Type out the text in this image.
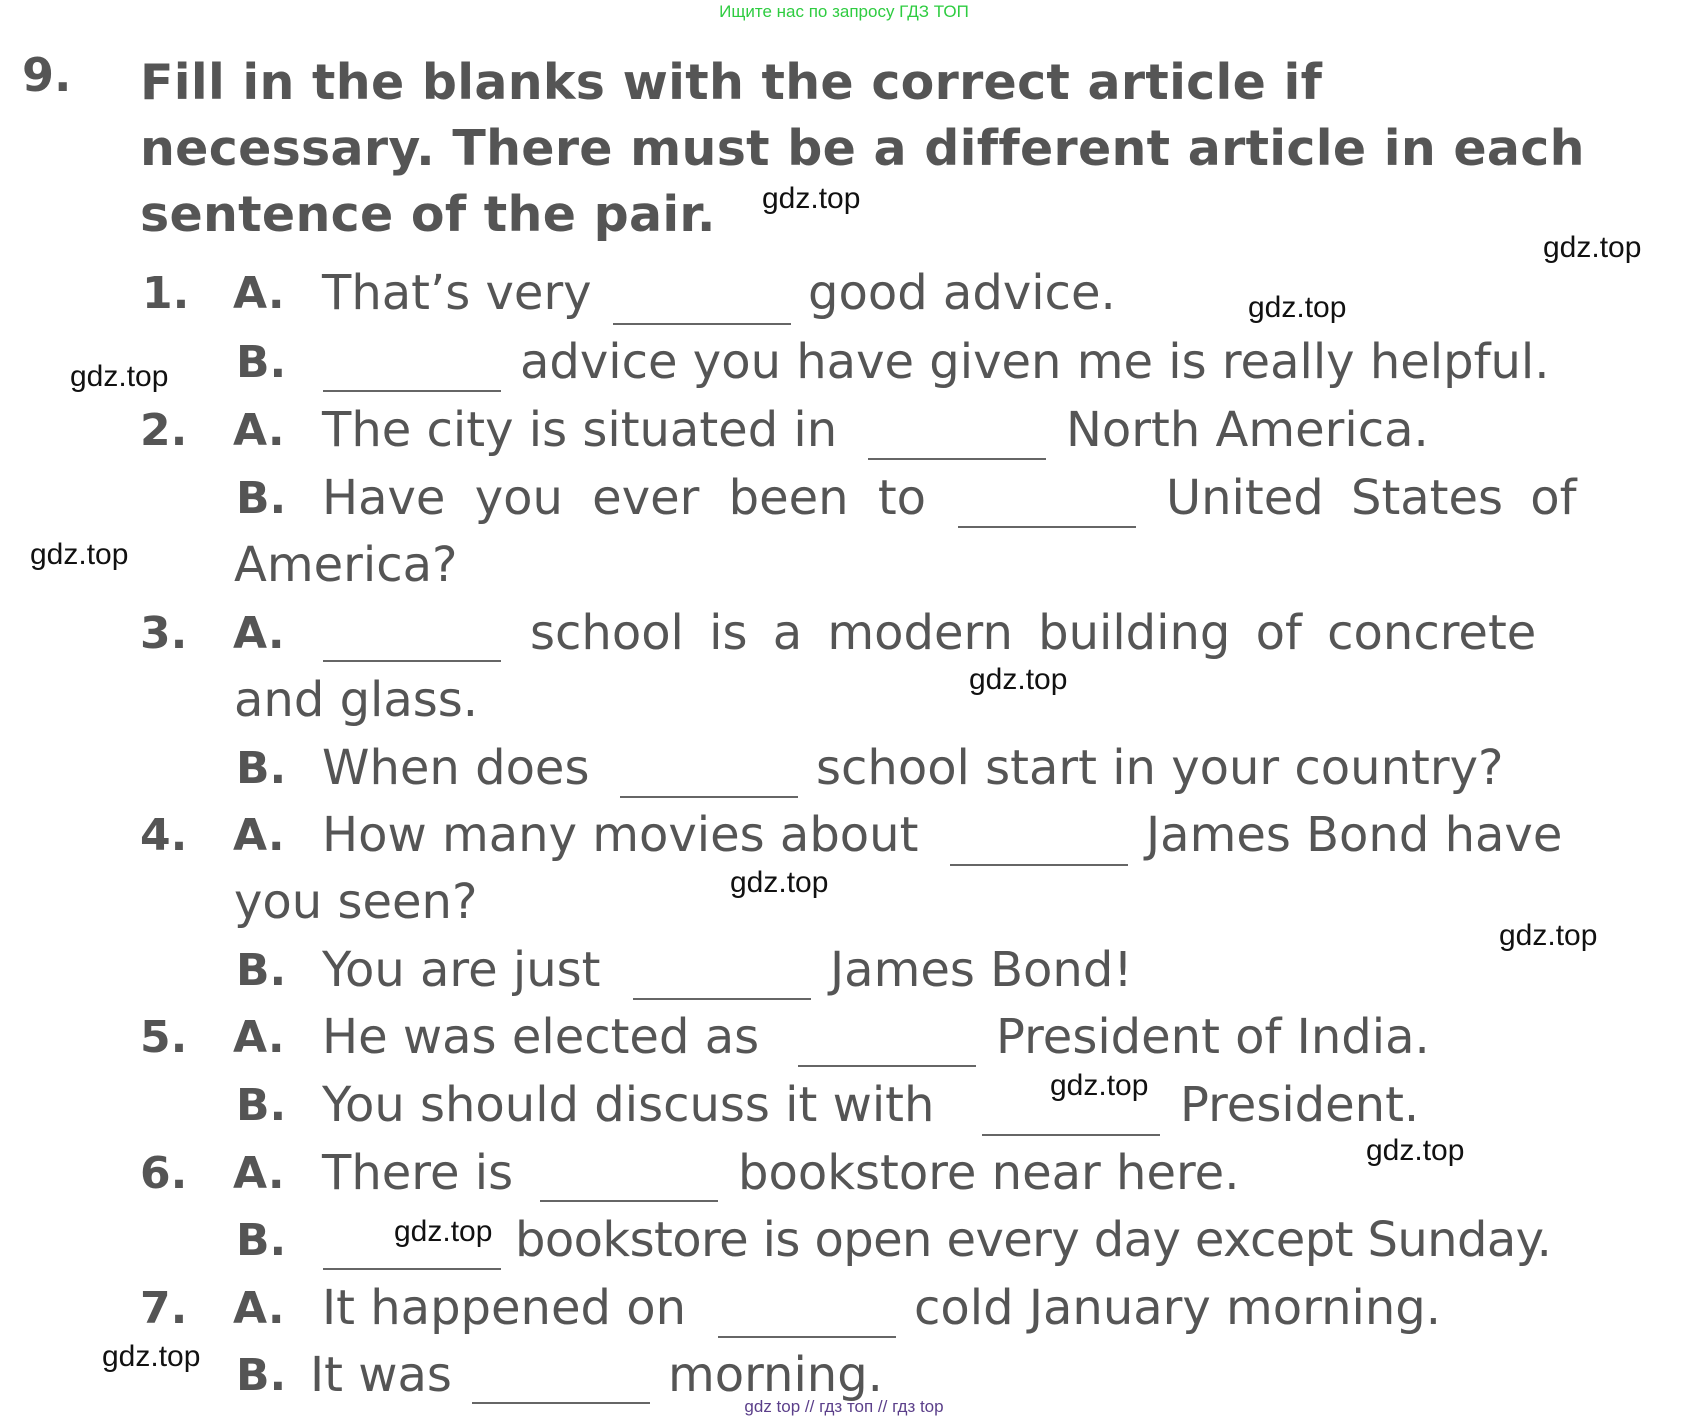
Ищите нас по запросу ГДЗ ТОП
9. Fill in the blanks with the correct article if necessary. There must be a different article in each sentence of the pair.
1. A. That’s very	good advice.
B.	advice you have given me is really helpful.
2. A. The city is situated in	North America.
B. Have you ever been to	United States of
America?
3. A.	school is a modern building of concrete
and glass.
B. When does	school start in your country?
4. A. How many movies about	James Bond have
you seen?
B. You are just	James Bond!
5. A. He was elected as	President of India.
B. You should discuss it with	President.
6. A. There is	bookstore near here.
B.	bookstore is open every day except Sunday.
7. A. It happened on	cold January morning.
B. It was	morning.
gdz.top
gdz.top
gdz.top
gdz.top
gdz.top
gdz.top
gdz.top
gdz.top
gdz.top
gdz.top
gdz.top
gdz.top
gdz top // гдз топ // гдз top
